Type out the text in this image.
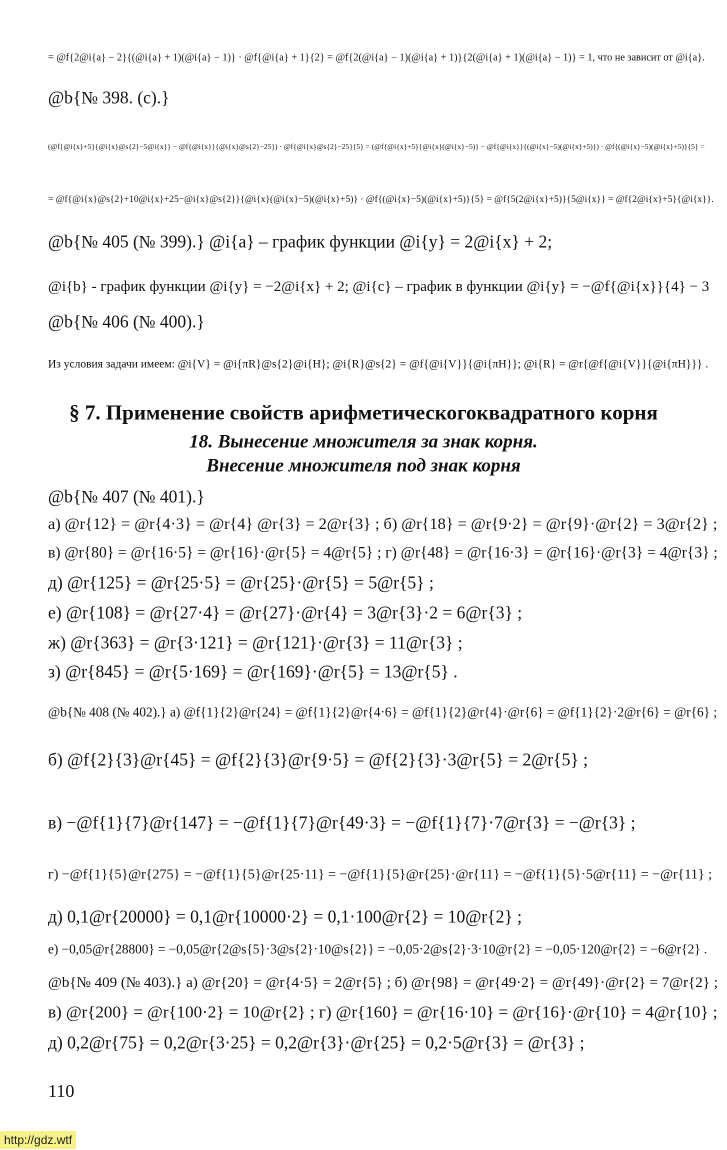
= @f{2@i{a} − 2}{(@i{a} + 1)(@i{a} − 1)} · @f{@i{a} + 1}{2} = @f{2(@i{a} − 1)(@i{a} + 1)}{2(@i{a} + 1)(@i{a} − 1)} = 1, что не зависит от @i{a}.
@b{№ 398. (с).}
(@f{@i{x}+5}{@i{x}@s{2}−5@i{x}} − @f{@i{x}}{@i{x}@s{2}−25}) · @f{@i{x}@s{2}−25}{5} = (@f{@i{x}+5}{@i{x}(@i{x}−5)} − @f{@i{x}}{(@i{x}−5)(@i{x}+5)}) · @f{(@i{x}−5)(@i{x}+5)}{5} =
= @f{@i{x}@s{2}+10@i{x}+25−@i{x}@s{2}}{@i{x}(@i{x}−5)(@i{x}+5)} · @f{(@i{x}−5)(@i{x}+5)}{5} = @f{5(2@i{x}+5)}{5@i{x}} = @f{2@i{x}+5}{@i{x}}.
@b{№ 405 (№ 399).} @i{a} – график функции @i{y} = 2@i{x} + 2;
@i{b} - график функции @i{y} = −2@i{x} + 2; @i{c} – график в функции @i{y} = −@f{@i{x}}{4} − 3
@b{№ 406 (№ 400).}
Из условия задачи имеем: @i{V} = @i{πR}@s{2}@i{H}; @i{R}@s{2} = @f{@i{V}}{@i{πH}}; @i{R} = @r{@f{@i{V}}{@i{πH}}} .
§ 7. Применение свойств арифметическогоквадратного корня
18. Вынесение множителя за знак корня.
Внесение множителя под знак корня
@b{№ 407 (№ 401).}
а) @r{12} = @r{4·3} = @r{4} @r{3} = 2@r{3} ; б) @r{18} = @r{9·2} = @r{9}·@r{2} = 3@r{2} ;
в) @r{80} = @r{16·5} = @r{16}·@r{5} = 4@r{5} ; г) @r{48} = @r{16·3} = @r{16}·@r{3} = 4@r{3} ;
д) @r{125} = @r{25·5} = @r{25}·@r{5} = 5@r{5} ;
е) @r{108} = @r{27·4} = @r{27}·@r{4} = 3@r{3}·2 = 6@r{3} ;
ж) @r{363} = @r{3·121} = @r{121}·@r{3} = 11@r{3} ;
з) @r{845} = @r{5·169} = @r{169}·@r{5} = 13@r{5} .
@b{№ 408 (№ 402).} а) @f{1}{2}@r{24} = @f{1}{2}@r{4·6} = @f{1}{2}@r{4}·@r{6} = @f{1}{2}·2@r{6} = @r{6} ;
б) @f{2}{3}@r{45} = @f{2}{3}@r{9·5} = @f{2}{3}·3@r{5} = 2@r{5} ;
в) −@f{1}{7}@r{147} = −@f{1}{7}@r{49·3} = −@f{1}{7}·7@r{3} = −@r{3} ;
г) −@f{1}{5}@r{275} = −@f{1}{5}@r{25·11} = −@f{1}{5}@r{25}·@r{11} = −@f{1}{5}·5@r{11} = −@r{11} ;
д) 0,1@r{20000} = 0,1@r{10000·2} = 0,1·100@r{2} = 10@r{2} ;
е) −0,05@r{28800} = −0,05@r{2@s{5}·3@s{2}·10@s{2}} = −0,05·2@s{2}·3·10@r{2} = −0,05·120@r{2} = −6@r{2} .
@b{№ 409 (№ 403).} а) @r{20} = @r{4·5} = 2@r{5} ; б) @r{98} = @r{49·2} = @r{49}·@r{2} = 7@r{2} ;
в) @r{200} = @r{100·2} = 10@r{2} ; г) @r{160} = @r{16·10} = @r{16}·@r{10} = 4@r{10} ;
д) 0,2@r{75} = 0,2@r{3·25} = 0,2@r{3}·@r{25} = 0,2·5@r{3} = @r{3} ;
110
http://gdz.wtf
